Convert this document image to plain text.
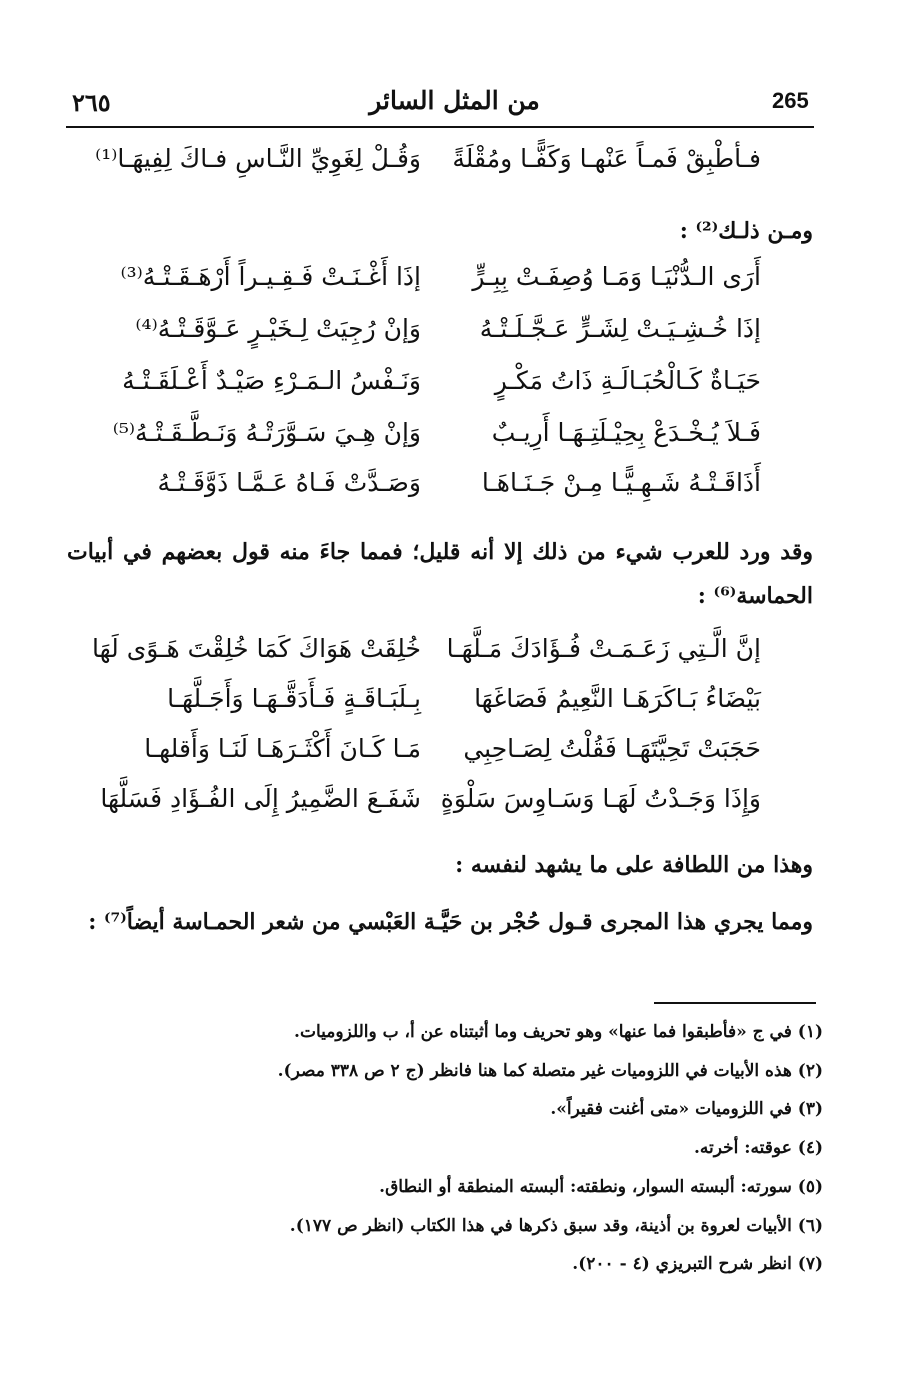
٢٦٥	من المثل السائر	265
فـأطْبِقْ فَمـاً عَنْهـا وَكَفًّـا ومُقْلَةً
وَقُـلْ لِغَوِيِّ النَّـاسِ فـاكَ لِفِيهَـا⁽¹⁾
ومـن ذلـك⁽²⁾ :
أَرَى الـدُّنْيَـا وَمَـا وُصِفَـتْ بِبِـرٍّ
إذَا أَغْـنَـتْ فَـقِـيـراً أَرْهَـقَـتْـهُ⁽³⁾
إذَا خُـشِـيَـتْ لِشَـرٍّ عَـجَّـلَـتْـهُ
وَإنْ رُجِيَتْ لِـخَيْـرٍ عَـوَّقَـتْـهُ⁽⁴⁾
حَيَـاةٌ كَـالْحُبَـالَـةِ ذَاتُ مَكْـرٍ
وَنَـفْسُ الـمَـرْءِ صَيْـدٌ أَعْـلَقَـتْـهُ
فَـلاَ يُـخْـدَعْ بِحِيْـلَتِـهَـا أَرِيـبٌ
وَإنْ هِـيَ سَـوَّرَتْـهُ وَنَـطَّـقَـتْـهُ⁽⁵⁾
أَذَاقَـتْـهُ شَـهِـيًّـا مِـنْ جَـنَـاهَـا
وَصَـدَّتْ فَـاهُ عَـمَّـا ذَوَّقَـتْـهُ
وقد ورد للعرب شيء من ذلك إلا أنه قليل؛ فمما جاءَ منه قول بعضهم في أبيات الحماسة⁽⁶⁾ :
إنَّ الَّـتِي زَعَـمَـتْ فُـؤَادَكَ مَـلَّهَـا
خُلِقَتْ هَوَاكَ كَمَا خُلِقْتَ هَـوًى لَهَا
بَيْضَاءُ بَـاكَرَهَـا النَّعِيمُ فَصَاغَهَا
بِـلَبَـاقَـةٍ فَـأَدَقَّـهَـا وَأَجَـلَّهَـا
حَجَبَتْ تَحِيَّتَهَـا فَقُلْتُ لِصَـاحِبِي
مَـا كَـانَ أَكْثَـرَهَـا لَنَـا وَأَقلهـا
وَإِذَا وَجَـدْتُ لَهَـا وَسَـاوِسَ سَلْوَةٍ
شَفَـعَ الضَّمِيرُ إِلَى الفُـؤَادِ فَسَلَّهَا
وهذا من اللطافة على ما يشهد لنفسه :
ومما يجري هذا المجرى قـول حُجْر بن حَيَّـة العَبْسي من شعر الحمـاسة أيضاً⁽⁷⁾ :
(١) في ج «فأطبقوا فما عنها» وهو تحريف وما أثبتناه عن أ، ب واللزوميات.
(٢) هذه الأبيات في اللزوميات غير متصلة كما هنا فانظر (ج ٢ ص ٣٣٨ مصر).
(٣) في اللزوميات «متى أغنت فقيراً».
(٤) عوقته: أخرته.
(٥) سورته: ألبسته السوار، ونطقته: ألبسته المنطقة أو النطاق.
(٦) الأبيات لعروة بن أذينة، وقد سبق ذكرها في هذا الكتاب (انظر ص ١٧٧).
(٧) انظر شرح التبريزي (٤ - ٢٠٠).
